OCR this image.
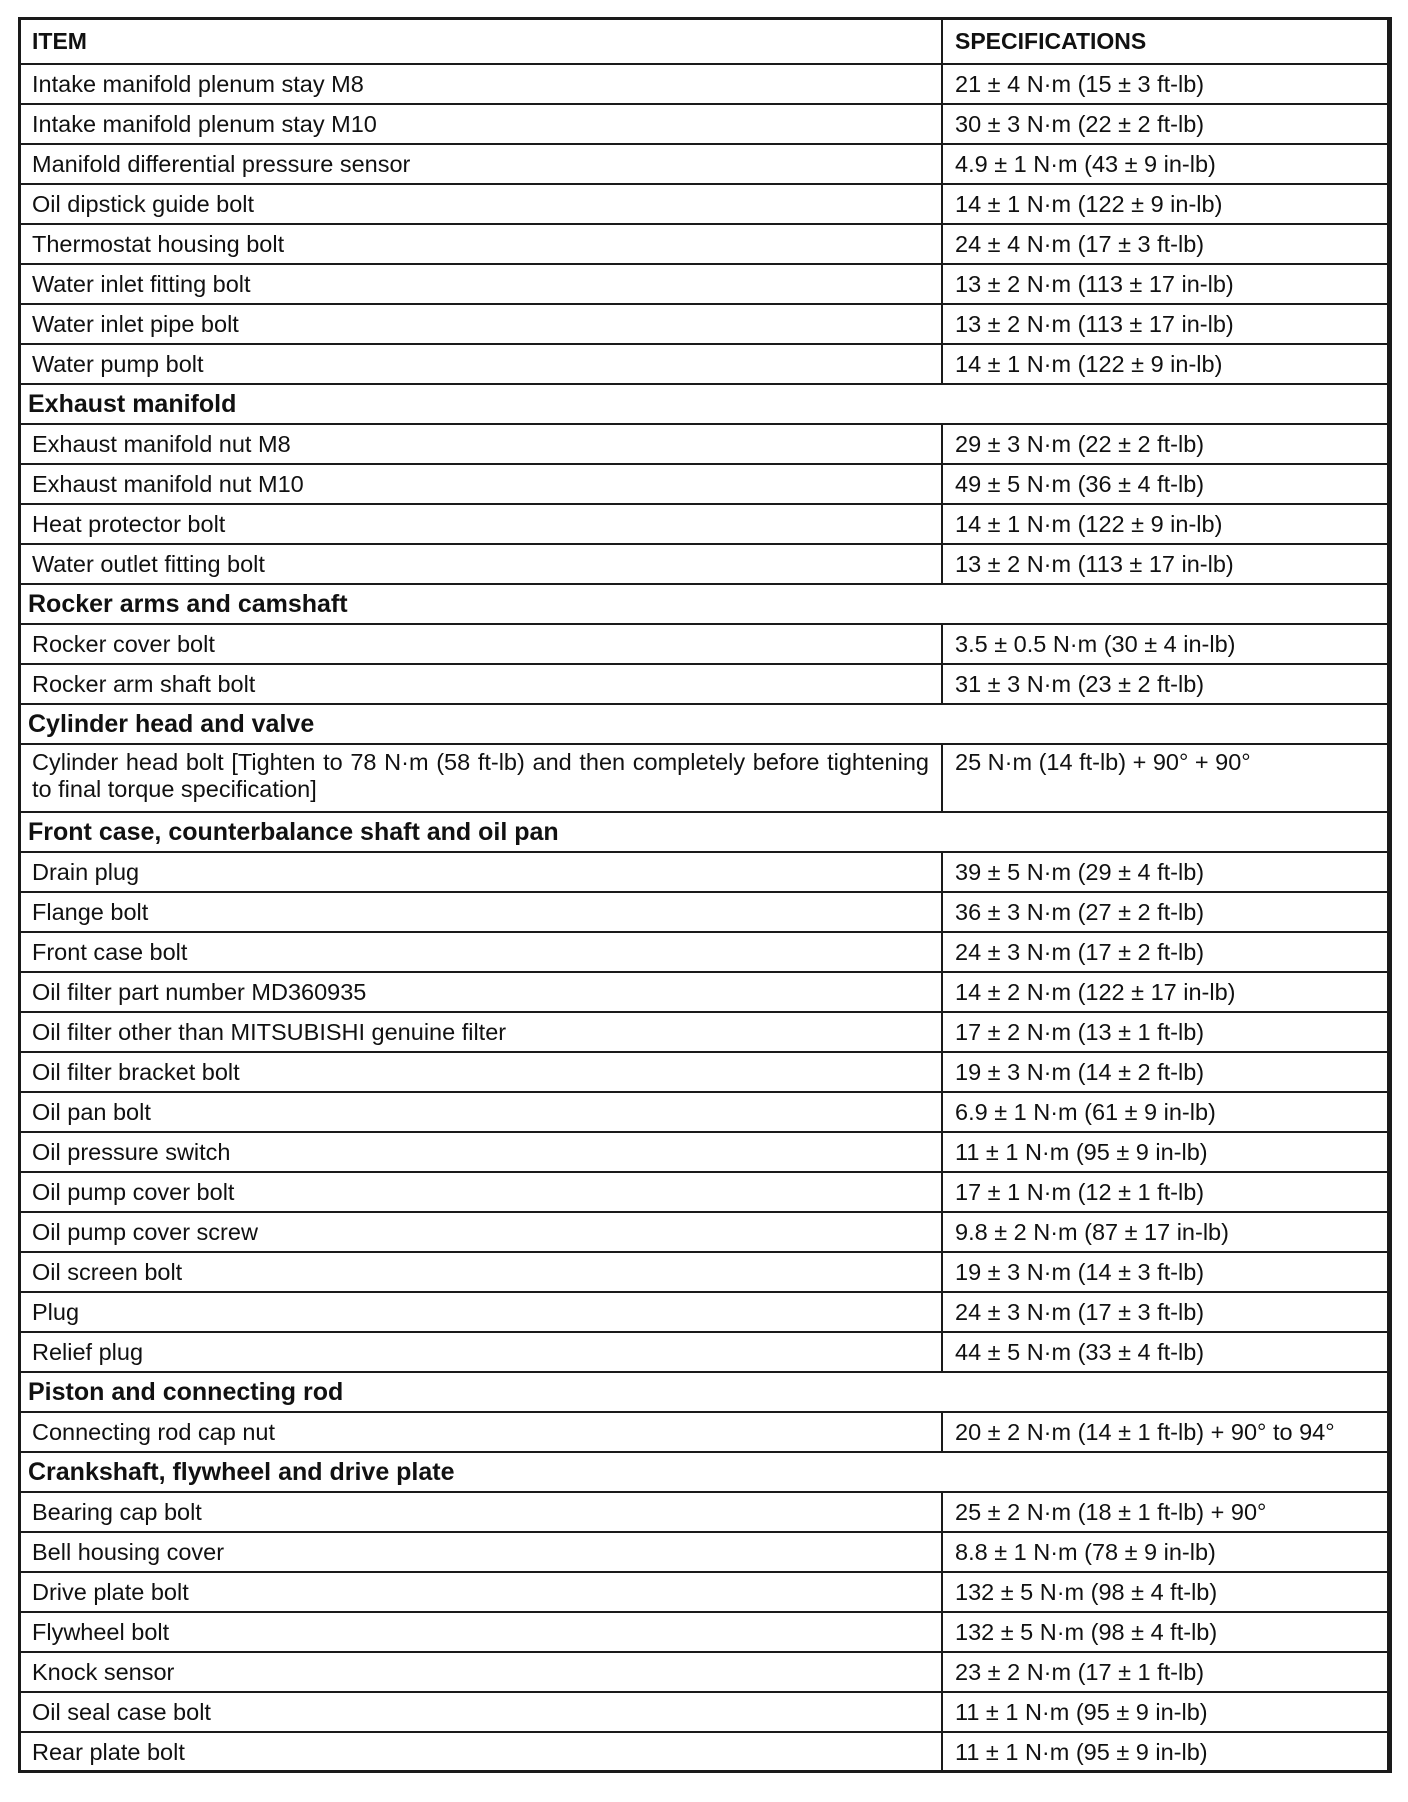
ITEM	SPECIFICATIONS
Intake manifold plenum stay M8	21 ± 4 N·m (15 ± 3 ft-lb)
Intake manifold plenum stay M10	30 ± 3 N·m (22 ± 2 ft-lb)
Manifold differential pressure sensor	4.9 ± 1 N·m (43 ± 9 in-lb)
Oil dipstick guide bolt	14 ± 1 N·m (122 ± 9 in-lb)
Thermostat housing bolt	24 ± 4 N·m (17 ± 3 ft-lb)
Water inlet fitting bolt	13 ± 2 N·m (113 ± 17 in-lb)
Water inlet pipe bolt	13 ± 2 N·m (113 ± 17 in-lb)
Water pump bolt	14 ± 1 N·m (122 ± 9 in-lb)
Exhaust manifold	
Exhaust manifold nut M8	29 ± 3 N·m (22 ± 2 ft-lb)
Exhaust manifold nut M10	49 ± 5 N·m (36 ± 4 ft-lb)
Heat protector bolt	14 ± 1 N·m (122 ± 9 in-lb)
Water outlet fitting bolt	13 ± 2 N·m (113 ± 17 in-lb)
Rocker arms and camshaft	
Rocker cover bolt	3.5 ± 0.5 N·m (30 ± 4 in-lb)
Rocker arm shaft bolt	31 ± 3 N·m (23 ± 2 ft-lb)
Cylinder head and valve	
Cylinder head bolt [Tighten to 78 N·m (58 ft-lb) and then completely before tightening to final torque specification]	25 N·m (14 ft-lb) + 90° + 90°
Front case, counterbalance shaft and oil pan	
Drain plug	39 ± 5 N·m (29 ± 4 ft-lb)
Flange bolt	36 ± 3 N·m (27 ± 2 ft-lb)
Front case bolt	24 ± 3 N·m (17 ± 2 ft-lb)
Oil filter part number MD360935	14 ± 2 N·m (122 ± 17 in-lb)
Oil filter other than MITSUBISHI genuine filter	17 ± 2 N·m (13 ± 1 ft-lb)
Oil filter bracket bolt	19 ± 3 N·m (14 ± 2 ft-lb)
Oil pan bolt	6.9 ± 1 N·m (61 ± 9 in-lb)
Oil pressure switch	11 ± 1 N·m (95 ± 9 in-lb)
Oil pump cover bolt	17 ± 1 N·m (12 ± 1 ft-lb)
Oil pump cover screw	9.8 ± 2 N·m (87 ± 17 in-lb)
Oil screen bolt	19 ± 3 N·m (14 ± 3 ft-lb)
Plug	24 ± 3 N·m (17 ± 3 ft-lb)
Relief plug	44 ± 5 N·m (33 ± 4 ft-lb)
Piston and connecting rod	
Connecting rod cap nut	20 ± 2 N·m (14 ± 1 ft-lb) + 90° to 94°
Crankshaft, flywheel and drive plate	
Bearing cap bolt	25 ± 2 N·m (18 ± 1 ft-lb) + 90°
Bell housing cover	8.8 ± 1 N·m (78 ± 9 in-lb)
Drive plate bolt	132 ± 5 N·m (98 ± 4 ft-lb)
Flywheel bolt	132 ± 5 N·m (98 ± 4 ft-lb)
Knock sensor	23 ± 2 N·m (17 ± 1 ft-lb)
Oil seal case bolt	11 ± 1 N·m (95 ± 9 in-lb)
Rear plate bolt	11 ± 1 N·m (95 ± 9 in-lb)
